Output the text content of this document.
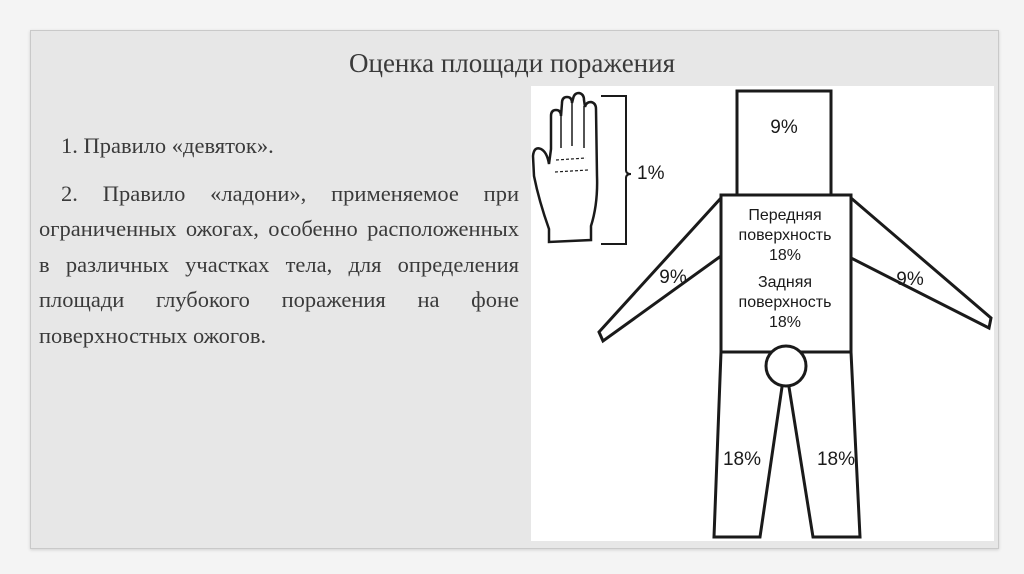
Оценка площади поражения
1. Правило «девяток».
2. Правило «ладони», применяемое при ограниченных ожогах, особенно расположенных в различных участках тела, для определения площади глубокого поражения на фоне поверхностных ожогов.
1%
9%
Передняя
поверхность
18%
Задняя
поверхность
18%
9%	9%
18%	18%
